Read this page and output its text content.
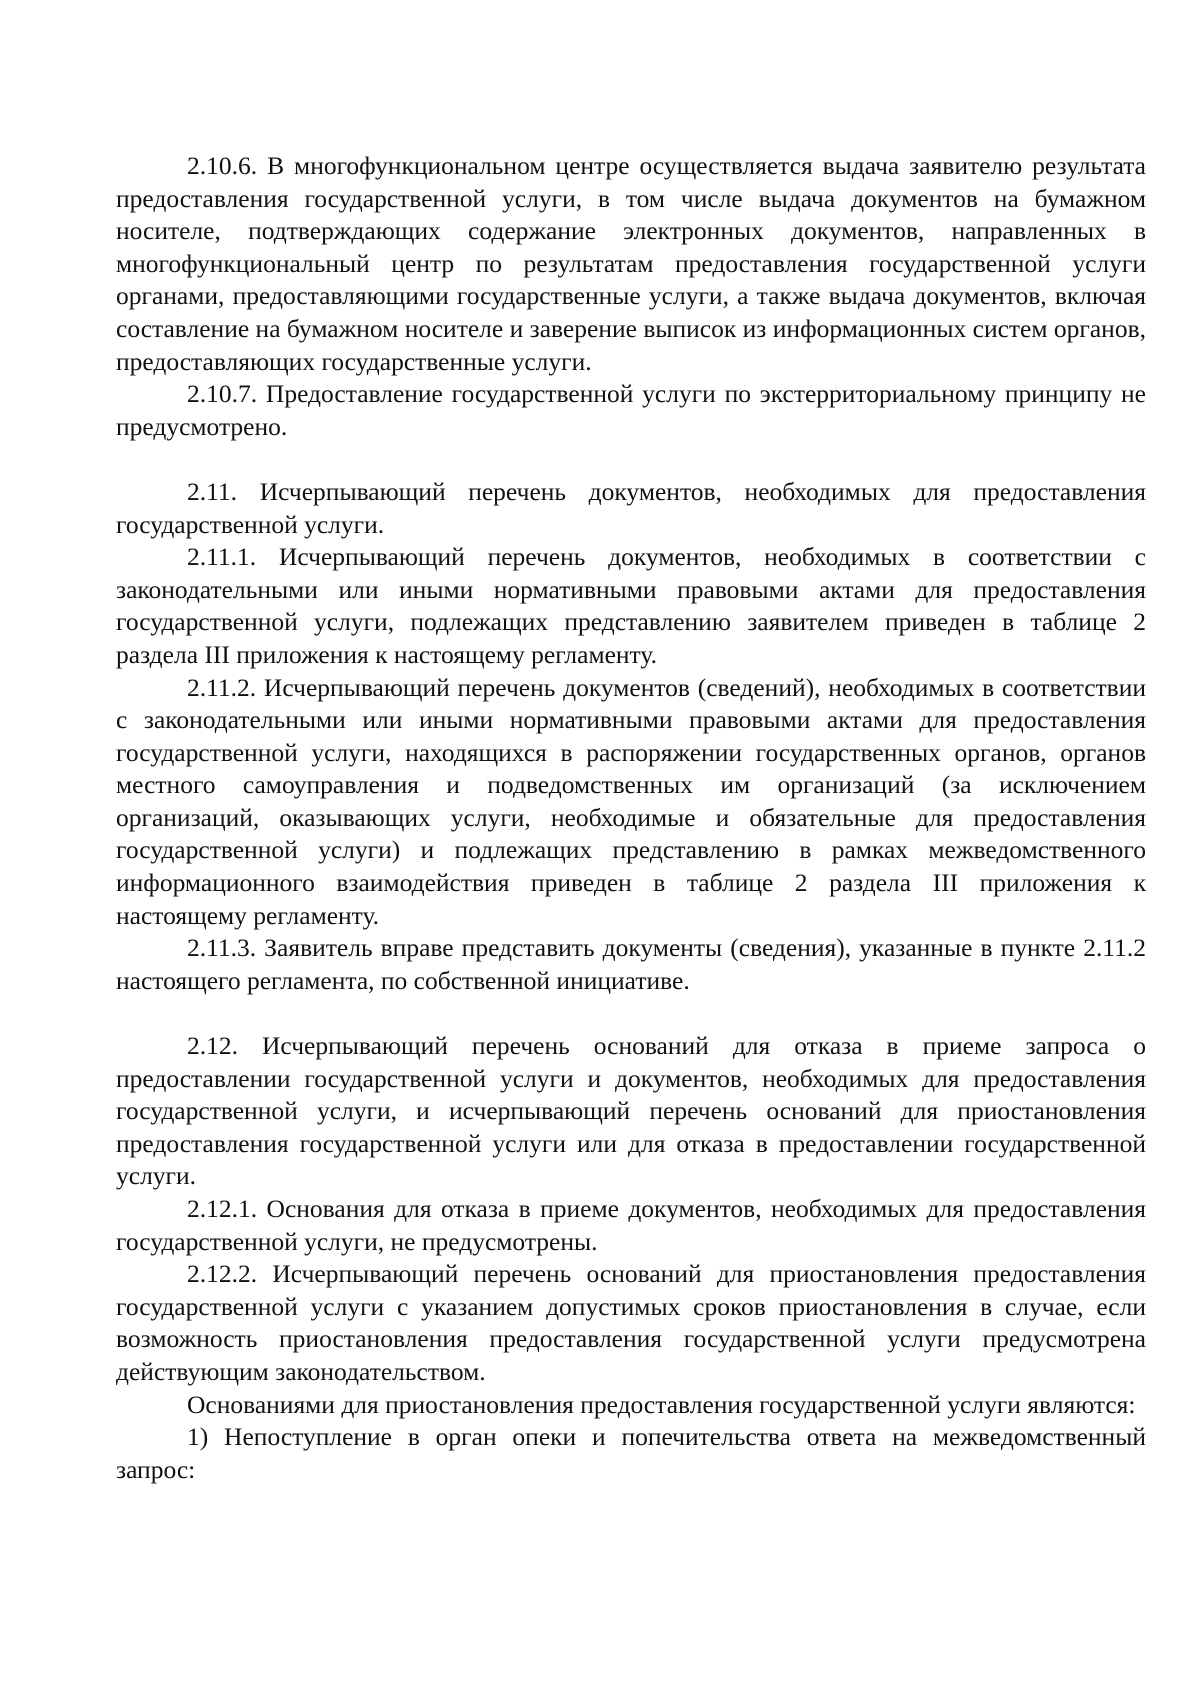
2.10.6. В многофункциональном центре осуществляется выдача заявителю результата предоставления государственной услуги, в том числе выдача документов на бумажном носителе, подтверждающих содержание электронных документов, направленных в многофункциональный центр по результатам предоставления государственной услуги органами, предоставляющими государственные услуги, а также выдача документов, включая составление на бумажном носителе и заверение выписок из информационных систем органов, предоставляющих государственные услуги.

2.10.7. Предоставление государственной услуги по экстерриториальному принципу не предусмотрено.

2.11. Исчерпывающий перечень документов, необходимых для предоставления государственной услуги.

2.11.1. Исчерпывающий перечень документов, необходимых в соответствии с законодательными или иными нормативными правовыми актами для предоставления государственной услуги, подлежащих представлению заявителем приведен в таблице 2 раздела III приложения к настоящему регламенту.

2.11.2. Исчерпывающий перечень документов (сведений), необходимых в соответствии с законодательными или иными нормативными правовыми актами для предоставления государственной услуги, находящихся в распоряжении государственных органов, органов местного самоуправления и подведомственных им организаций (за исключением организаций, оказывающих услуги, необходимые и обязательные для предоставления государственной услуги) и подлежащих представлению в рамках межведомственного информационного взаимодействия приведен в таблице 2 раздела III приложения к настоящему регламенту.

2.11.3. Заявитель вправе представить документы (сведения), указанные в пункте 2.11.2 настоящего регламента, по собственной инициативе.

2.12. Исчерпывающий перечень оснований для отказа в приеме запроса о предоставлении государственной услуги и документов, необходимых для предоставления государственной услуги, и исчерпывающий перечень оснований для приостановления предоставления государственной услуги или для отказа в предоставлении государственной услуги.

2.12.1. Основания для отказа в приеме документов, необходимых для предоставления государственной услуги, не предусмотрены.

2.12.2. Исчерпывающий перечень оснований для приостановления предоставления государственной услуги с указанием допустимых сроков приостановления в случае, если возможность приостановления предоставления государственной услуги предусмотрена действующим законодательством.

Основаниями для приостановления предоставления государственной услуги являются:

1) Непоступление в орган опеки и попечительства ответа на межведомственный запрос:
